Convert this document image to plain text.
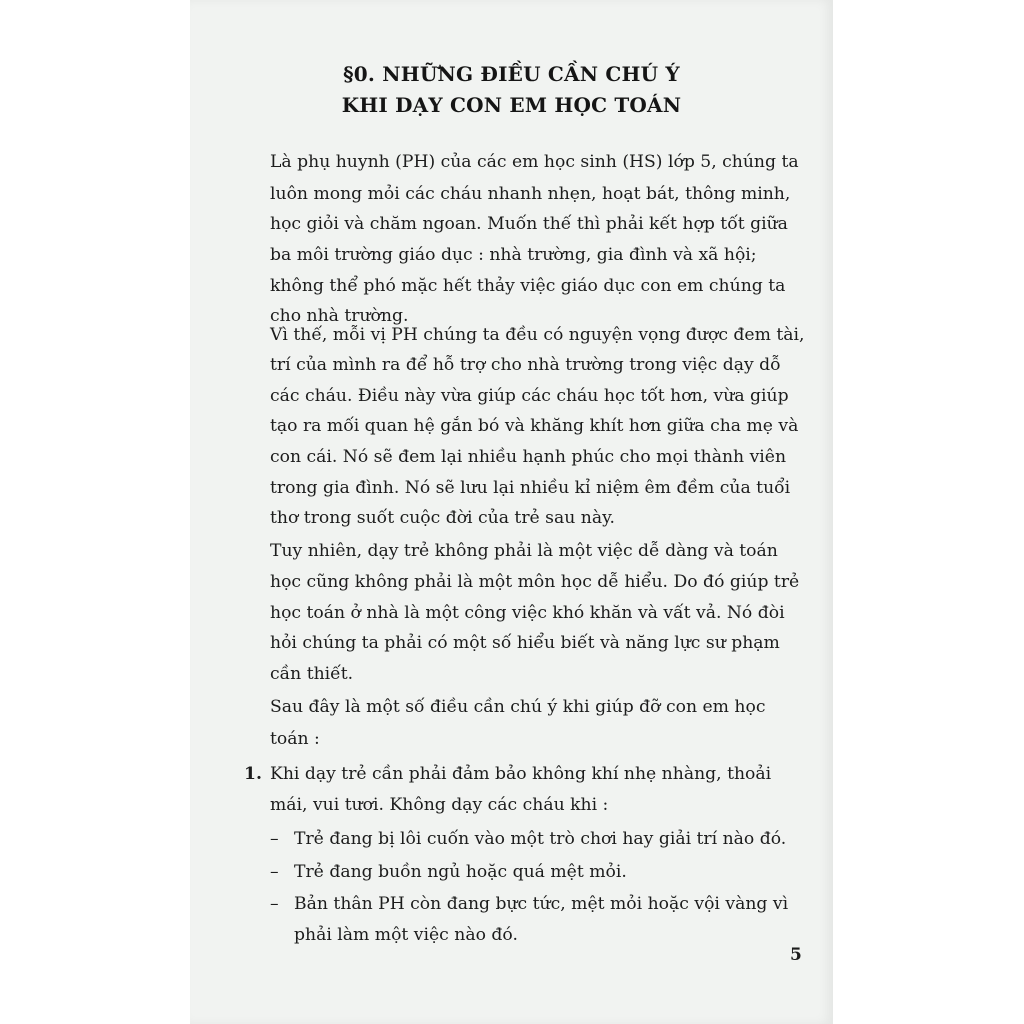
§0. NHỮNG ĐIỀU CẦN CHÚ Ý
KHI DẠY CON EM HỌC TOÁN
Là phụ huynh (PH) của các em học sinh (HS) lớp 5, chúng ta
luôn mong mỏi các cháu nhanh nhẹn, hoạt bát, thông minh,
học giỏi và chăm ngoan. Muốn thế thì phải kết hợp tốt giữa
ba môi trường giáo dục : nhà trường, gia đình và xã hội;
không thể phó mặc hết thảy việc giáo dục con em chúng ta
cho nhà trường.
Vì thế, mỗi vị PH chúng ta đều có nguyện vọng được đem tài,
trí của mình ra để hỗ trợ cho nhà trường trong việc dạy dỗ
các cháu. Điều này vừa giúp các cháu học tốt hơn, vừa giúp
tạo ra mối quan hệ gắn bó và khăng khít hơn giữa cha mẹ và
con cái. Nó sẽ đem lại nhiều hạnh phúc cho mọi thành viên
trong gia đình. Nó sẽ lưu lại nhiều kỉ niệm êm đềm của tuổi
thơ trong suốt cuộc đời của trẻ sau này.
Tuy nhiên, dạy trẻ không phải là một việc dễ dàng và toán
học cũng không phải là một môn học dễ hiểu. Do đó giúp trẻ
học toán ở nhà là một công việc khó khăn và vất vả. Nó đòi
hỏi chúng ta phải có một số hiểu biết và năng lực sư phạm
cần thiết.
Sau đây là một số điều cần chú ý khi giúp đỡ con em học
toán :
1. Khi dạy trẻ cần phải đảm bảo không khí nhẹ nhàng, thoải
mái, vui tươi. Không dạy các cháu khi :
– Trẻ đang bị lôi cuốn vào một trò chơi hay giải trí nào đó.
– Trẻ đang buồn ngủ hoặc quá mệt mỏi.
– Bản thân PH còn đang bực tức, mệt mỏi hoặc vội vàng vì
phải làm một việc nào đó.
5
